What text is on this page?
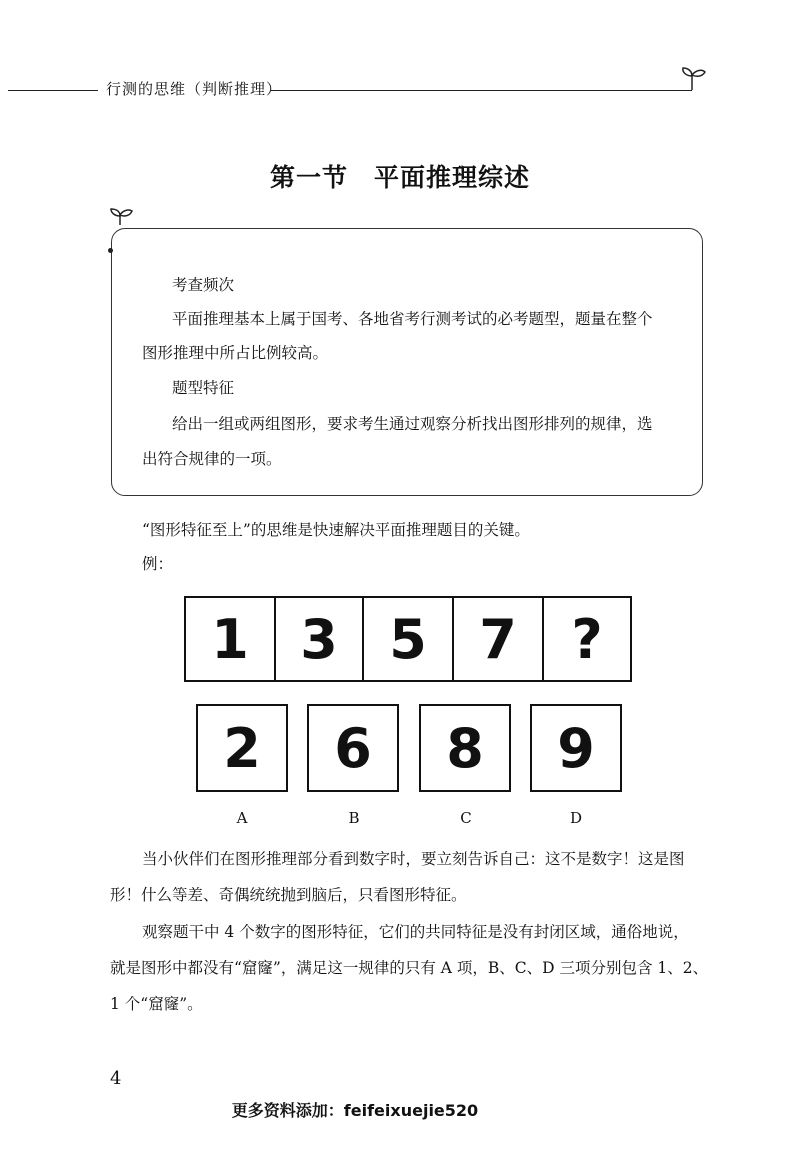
行测的思维（判断推理）
第一节 平面推理综述
考查频次
平面推理基本上属于国考、各地省考行测考试的必考题型，题量在整个
图形推理中所占比例较高。
题型特征
给出一组或两组图形，要求考生通过观察分析找出图形排列的规律，选
出符合规律的一项。
“图形特征至上”的思维是快速解决平面推理题目的关键。
例：
1 3 5 7	?
2	6	8	9
A	B	C	D
当小伙伴们在图形推理部分看到数字时，要立刻告诉自己：这不是数字！这是图
形！什么等差、奇偶统统抛到脑后，只看图形特征。
观察题干中 4 个数字的图形特征，它们的共同特征是没有封闭区域，通俗地说，
就是图形中都没有“窟窿”，满足这一规律的只有 A 项，B、C、D 三项分别包含 1、2、
1 个“窟窿”。
4
更多资料添加：feifeixuejie520
